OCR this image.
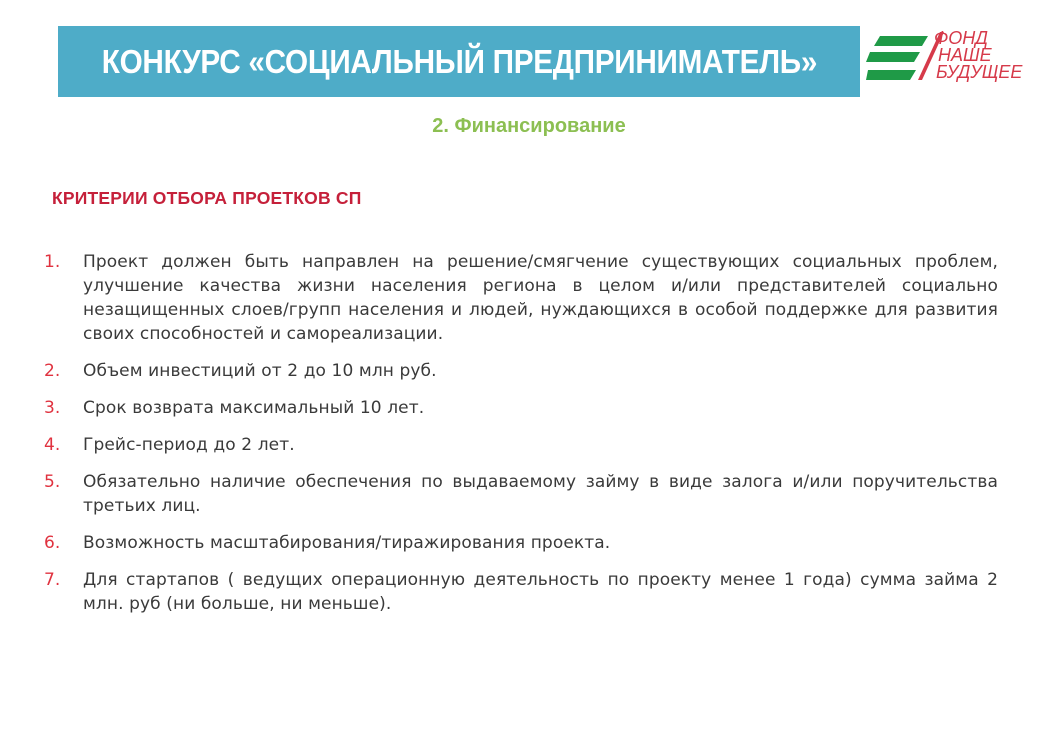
КОНКУРС «СОЦИАЛЬНЫЙ ПРЕДПРИНИМАТЕЛЬ»
ФОНД
НАШЕ
БУДУЩЕЕ
2. Финансирование
КРИТЕРИИ ОТБОРА ПРОЕТКОВ СП
1.	Проект должен быть направлен на решение/смягчение существующих социальных проблем, улучшение качества жизни населения региона в целом и/или представителей социально незащищенных слоев/групп населения и людей, нуждающихся в особой поддержке для развития своих способностей и самореализации.
2.	Объем инвестиций от 2 до 10 млн руб.
3.	Срок возврата максимальный 10 лет.
4.	Грейс-период до 2 лет.
5.	Обязательно наличие обеспечения по выдаваемому займу в виде залога и/или поручительства третьих лиц.
6.	Возможность масштабирования/тиражирования проекта.
7.	Для стартапов ( ведущих операционную деятельность по проекту менее 1 года) сумма займа 2 млн. руб (ни больше, ни меньше).
